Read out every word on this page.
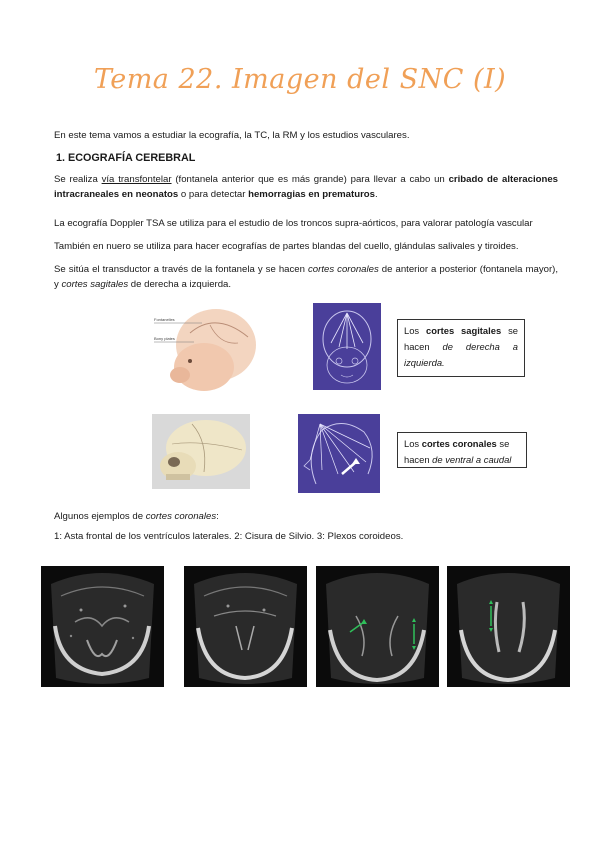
Tema 22. Imagen del SNC (I)
En este tema vamos a estudiar la ecografía, la TC, la RM y los estudios vasculares.
1. ECOGRAFÍA CEREBRAL
Se realiza vía transfontelar (fontanela anterior que es más grande) para llevar a cabo un cribado de alteraciones intracraneales en neonatos o para detectar hemorragias en prematuros.
La ecografía Doppler TSA se utiliza para el estudio de los troncos supra-aórticos, para valorar patología vascular
También en nuero se utiliza para hacer ecografías de partes blandas del cuello, glándulas salivales y tiroides.
Se sitúa el transductor a través de la fontanela y se hacen cortes coronales de anterior a posterior (fontanela mayor), y cortes sagitales de derecha a izquierda.
Fontanelles
Bony plates
Los cortes sagitales se hacen de derecha a izquierda.
Los cortes coronales se hacen de ventral a caudal
Algunos ejemplos de cortes coronales:
1: Asta frontal de los ventrículos laterales. 2: Cisura de Silvio. 3: Plexos coroideos.
